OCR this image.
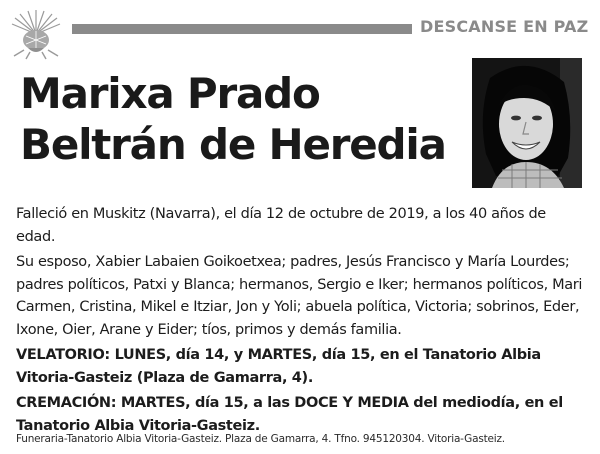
DESCANSE EN PAZ
Marixa Prado
Beltrán de Heredia

Falleció en Muskitz (Navarra), el día 12 de octubre de 2019, a los 40 años de edad.

Su esposo, Xabier Labaien Goikoetxea; padres, Jesús Francisco y María Lourdes; padres políticos, Patxi y Blanca; hermanos, Sergio e Iker; hermanos políticos, Mari Carmen, Cristina, Mikel e Itziar, Jon y Yoli; abuela política, Victoria; sobrinos, Eder, Ixone, Oier, Arane y Eider; tíos, primos y demás familia.

VELATORIO: LUNES, día 14, y MARTES, día 15, en el Tanatorio Albia Vitoria-Gasteiz (Plaza de Gamarra, 4).

CREMACIÓN: MARTES, día 15, a las DOCE Y MEDIA del mediodía, en el Tanatorio Albia Vitoria-Gasteiz.

Funeraria-Tanatorio Albia Vitoria-Gasteiz. Plaza de Gamarra, 4. Tfno. 945120304. Vitoria-Gasteiz.
